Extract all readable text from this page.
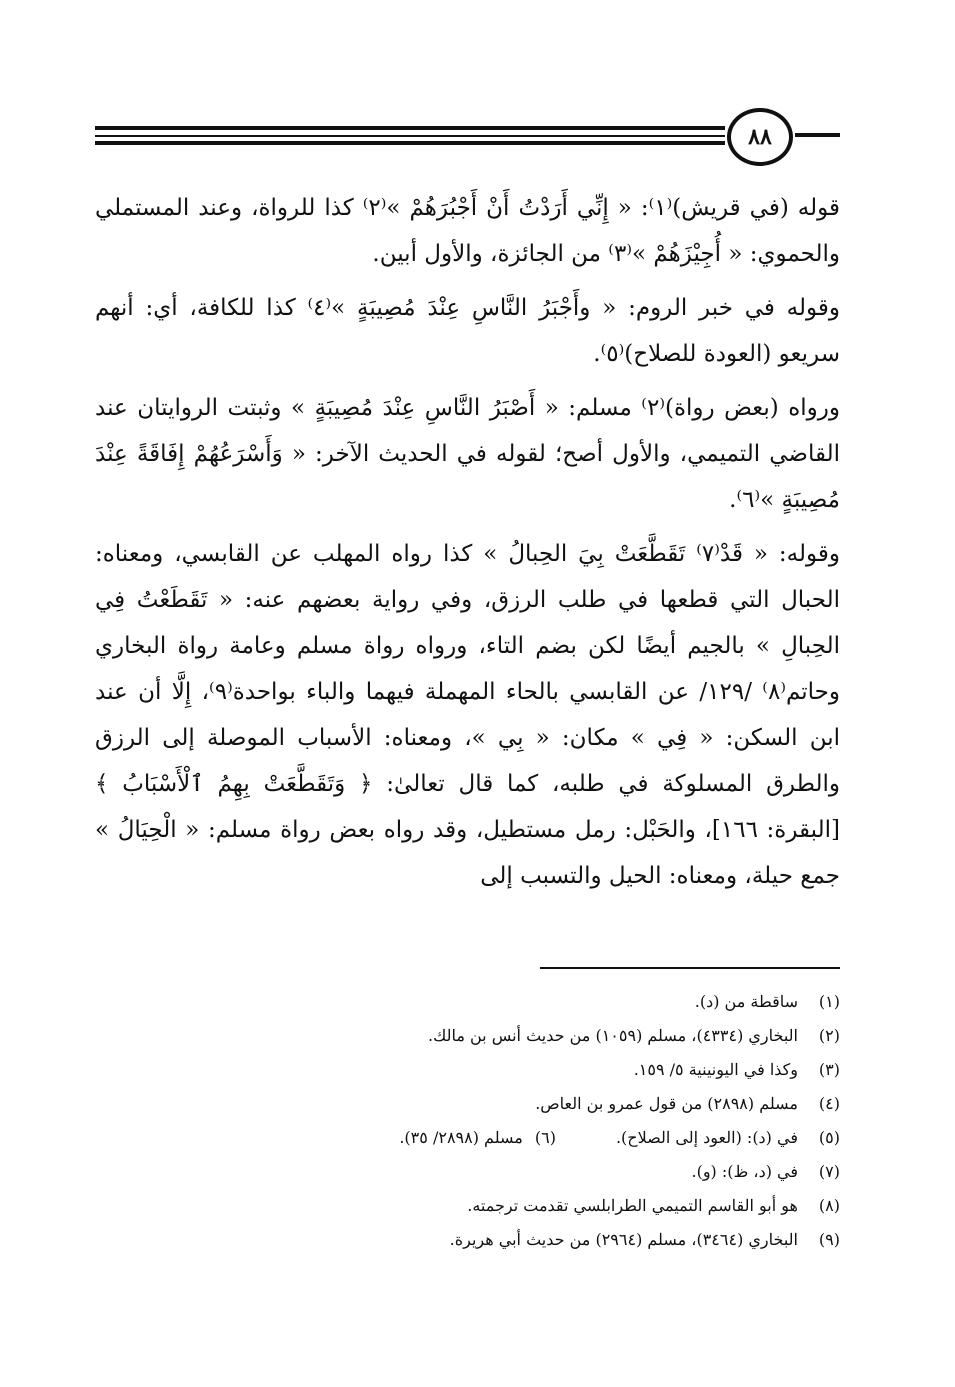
٨٨

قوله (في قريش)⁽١⁾: « إِنِّي أَرَدْتُ أَنْ أَجْبُرَهُمْ »⁽٢⁾ كذا للرواة، وعند المستملي والحموي: « أُجِيْزَهُمْ »⁽٣⁾ من الجائزة، والأول أبين.

وقوله في خبر الروم: « وأَجْبَرُ النَّاسِ عِنْدَ مُصِيبَةٍ »⁽٤⁾ كذا للكافة، أي: أنهم سريعو (العودة للصلاح)⁽٥⁾.

ورواه (بعض رواة)⁽٢⁾ مسلم: « أَصْبَرُ النَّاسِ عِنْدَ مُصِيبَةٍ » وثبتت الروايتان عند القاضي التميمي، والأول أصح؛ لقوله في الحديث الآخر: « وَأَسْرَعُهُمْ إِفَاقَةً عِنْدَ مُصِيبَةٍ »⁽٦⁾.

وقوله: « قَدْ⁽٧⁾ تَقَطَّعَتْ بِيَ الحِبالُ » كذا رواه المهلب عن القابسي، ومعناه: الحبال التي قطعها في طلب الرزق، وفي رواية بعضهم عنه: « تَقَطَعْتُ فِي الحِبالِ » بالجيم أيضًا لكن بضم التاء، ورواه رواة مسلم وعامة رواة البخاري وحاتم⁽٨⁾ /١٢٩/ عن القابسي بالحاء المهملة فيهما والباء بواحدة⁽٩⁾، إِلَّا أن عند ابن السكن: « فِي » مكان: « بِي »، ومعناه: الأسباب الموصلة إلى الرزق والطرق المسلوكة في طلبه، كما قال تعالىٰ: ﴿ وَتَقَطَّعَتْ بِهِمُ ٱلْأَسْبَابُ ﴾ [البقرة: ١٦٦]، والحَبْل: رمل مستطيل، وقد رواه بعض رواة مسلم: « الْحِيَالُ » جمع حيلة، ومعناه: الحيل والتسبب إلى

(١)
ساقطة من (د).
(٢)
البخاري (٤٣٣٤)، مسلم (١٠٥٩) من حديث أنس بن مالك.
(٣)
وكذا في اليونينية ٥/ ١٥٩.
(٤)
مسلم (٢٨٩٨) من قول عمرو بن العاص.
(٥)
في (د): (العود إلى الصلاح).
(٦)
مسلم (٢٨٩٨/ ٣٥).
(٧)
في (د، ظ): (و).
(٨)
هو أبو القاسم التميمي الطرابلسي تقدمت ترجمته.
(٩)
البخاري (٣٤٦٤)، مسلم (٢٩٦٤) من حديث أبي هريرة.
